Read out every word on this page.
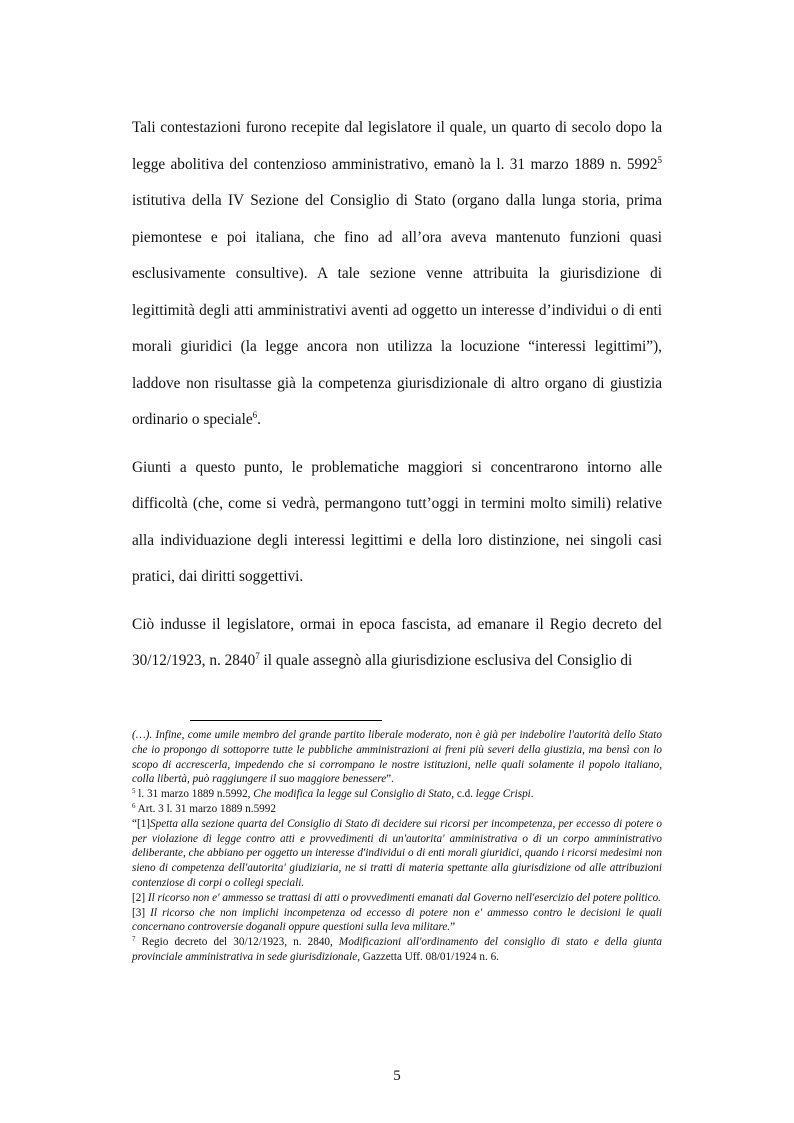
Tali contestazioni furono recepite dal legislatore il quale, un quarto di secolo dopo la legge abolitiva del contenzioso amministrativo, emanò la l. 31 marzo 1889 n. 5992$^5$ istitutiva della IV Sezione del Consiglio di Stato (organo dalla lunga storia, prima piemontese e poi italiana, che fino ad all’ora aveva mantenuto funzioni quasi esclusivamente consultive). A tale sezione venne attribuita la giurisdizione di legittimità degli atti amministrativi aventi ad oggetto un interesse d’individui o di enti morali giuridici (la legge ancora non utilizza la locuzione “interessi legittimi”), laddove non risultasse già la competenza giurisdizionale di altro organo di giustizia ordinario o speciale$^6$.

Giunti a questo punto, le problematiche maggiori si concentrarono intorno alle difficoltà (che, come si vedrà, permangono tutt’oggi in termini molto simili) relative alla individuazione degli interessi legittimi e della loro distinzione, nei singoli casi pratici, dai diritti soggettivi.

Ciò indusse il legislatore, ormai in epoca fascista, ad emanare il Regio decreto del 30/12/1923, n. 2840$^7$ il quale assegnò alla giurisdizione esclusiva del Consiglio di

(…). Infine, come umile membro del grande partito liberale moderato, non è già per indebolire l'autorità dello Stato che io propongo di sottoporre tutte le pubbliche amministrazioni ai freni più severi della giustizia, ma bensì con lo scopo di accrescerla, impedendo che si corrompano le nostre istituzioni, nelle quali solamente il popolo italiano, colla libertà, può raggiungere il suo maggiore benessere”.

$^5$ l. 31 marzo 1889 n.5992, Che modifica la legge sul Consiglio di Stato, c.d. legge Crispi.

$^6$ Art. 3 l. 31 marzo 1889 n.5992

“[1]Spetta alla sezione quarta del Consiglio di Stato di decidere sui ricorsi per incompetenza, per eccesso di potere o per violazione di legge contro atti e provvedimenti di un'autorita' amministrativa o di un corpo amministrativo deliberante, che abbiano per oggetto un interesse d'individui o di enti morali giuridici, quando i ricorsi medesimi non sieno di competenza dell'autorita' giudiziaria, ne si tratti di materia spettante alla giurisdizione od alle attribuzioni contenziose di corpi o collegi speciali.

[2] Il ricorso non e' ammesso se trattasi di atti o provvedimenti emanati dal Governo nell'esercizio del potere politico.

[3] Il ricorso che non implichi incompetenza od eccesso di potere non e' ammesso contro le decisioni le quali concernano controversie doganali oppure questioni sulla leva militare.”

$^7$ Regio decreto del 30/12/1923, n. 2840, Modificazioni all'ordinamento del consiglio di stato e della giunta provinciale amministrativa in sede giurisdizionale, Gazzetta Uff. 08/01/1924 n. 6.

5
